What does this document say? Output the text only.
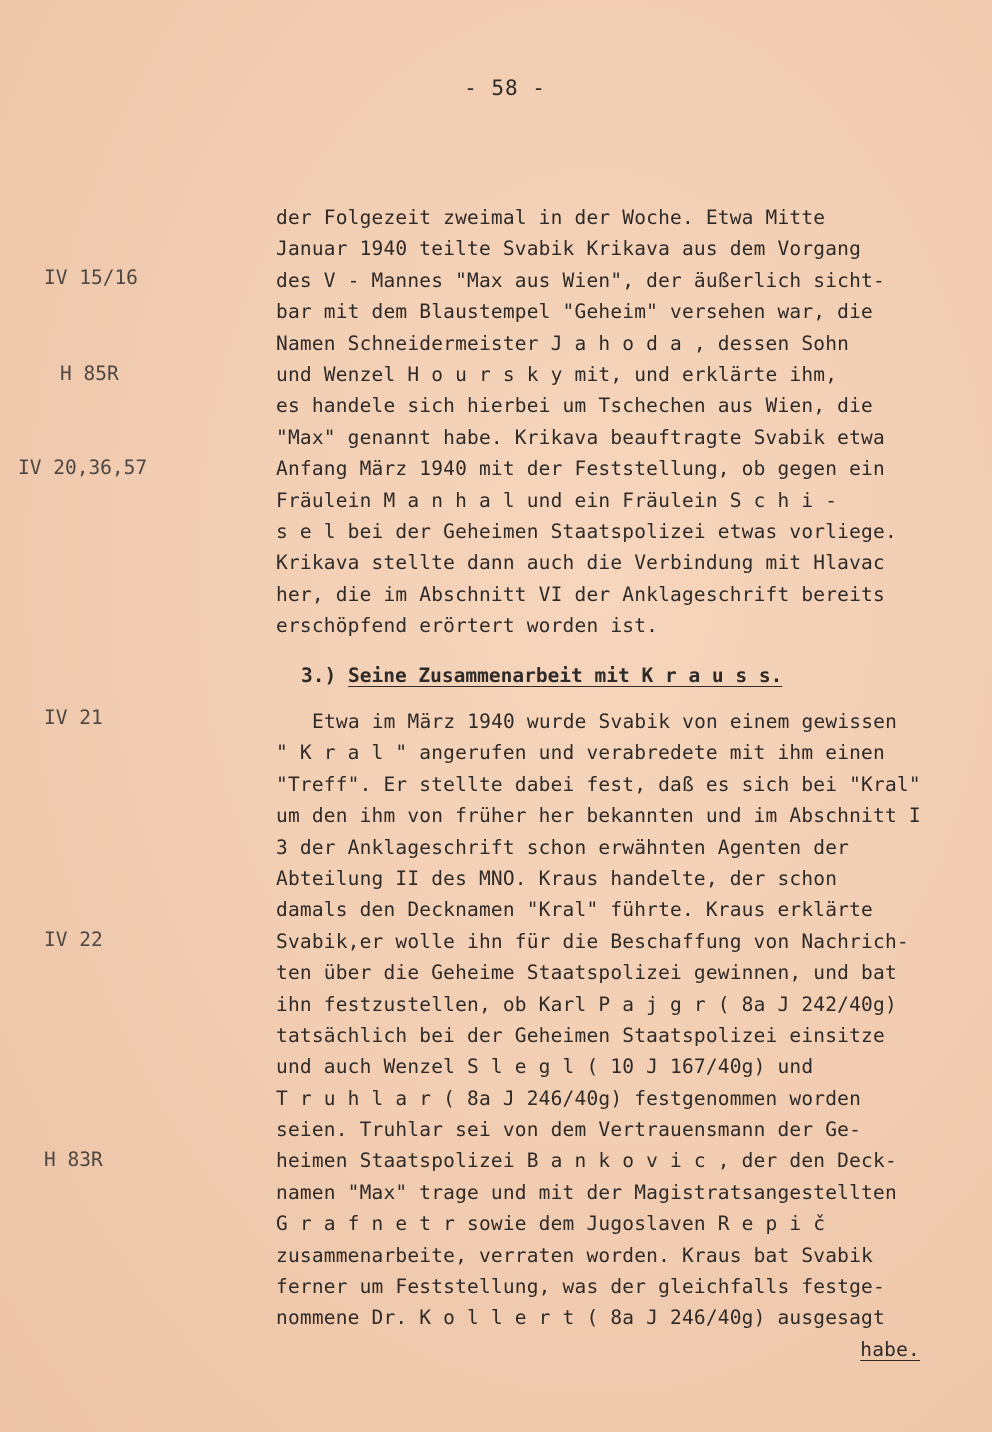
- 58 -
IV 15/16
H 85R
IV 20,36,57
IV 21
IV 22
H 83R
der Folgezeit zweimal in der Woche. Etwa Mitte
Januar 1940 teilte Svabik Krikava aus dem Vorgang
des V - Mannes "Max aus Wien", der äußerlich sicht-
bar mit dem Blaustempel "Geheim" versehen war, die
Namen Schneidermeister J a h o d a , dessen Sohn
und Wenzel H o u r s k y mit, und erklärte ihm,
es handele sich hierbei um Tschechen aus Wien, die
"Max" genannt habe. Krikava beauftragte Svabik etwa
Anfang März 1940 mit der Feststellung, ob gegen ein
Fräulein M a n h a l und ein Fräulein S c h i -
s e l bei der Geheimen Staatspolizei etwas vorliege.
Krikava stellte dann auch die Verbindung mit Hlavac
her, die im Abschnitt VI der Anklageschrift bereits
erschöpfend erörtert worden ist.
3.) Seine Zusammenarbeit mit K r a u s s.
Etwa im März 1940 wurde Svabik von einem gewissen
" K r a l " angerufen und verabredete mit ihm einen
"Treff". Er stellte dabei fest, daß es sich bei "Kral"
um den ihm von früher her bekannten und im Abschnitt I
3 der Anklageschrift schon erwähnten Agenten der
Abteilung II des MNO. Kraus handelte, der schon
damals den Decknamen "Kral" führte. Kraus erklärte
Svabik,er wolle ihn für die Beschaffung von Nachrich-
ten über die Geheime Staatspolizei gewinnen, und bat
ihn festzustellen, ob Karl P a j g r ( 8a J 242/40g)
tatsächlich bei der Geheimen Staatspolizei einsitze
und auch Wenzel S l e g l ( 10 J 167/40g) und
T r u h l a r ( 8a J 246/40g) festgenommen worden
seien. Truhlar sei von dem Vertrauensmann der Ge-
heimen Staatspolizei B a n k o v i c , der den Deck-
namen "Max" trage und mit der Magistratsangestellten
G r a f n e t r sowie dem Jugoslaven R e p i č
zusammenarbeite, verraten worden. Kraus bat Svabik
ferner um Feststellung, was der gleichfalls festge-
nommene Dr. K o l l e r t ( 8a J 246/40g) ausgesagt
habe.
